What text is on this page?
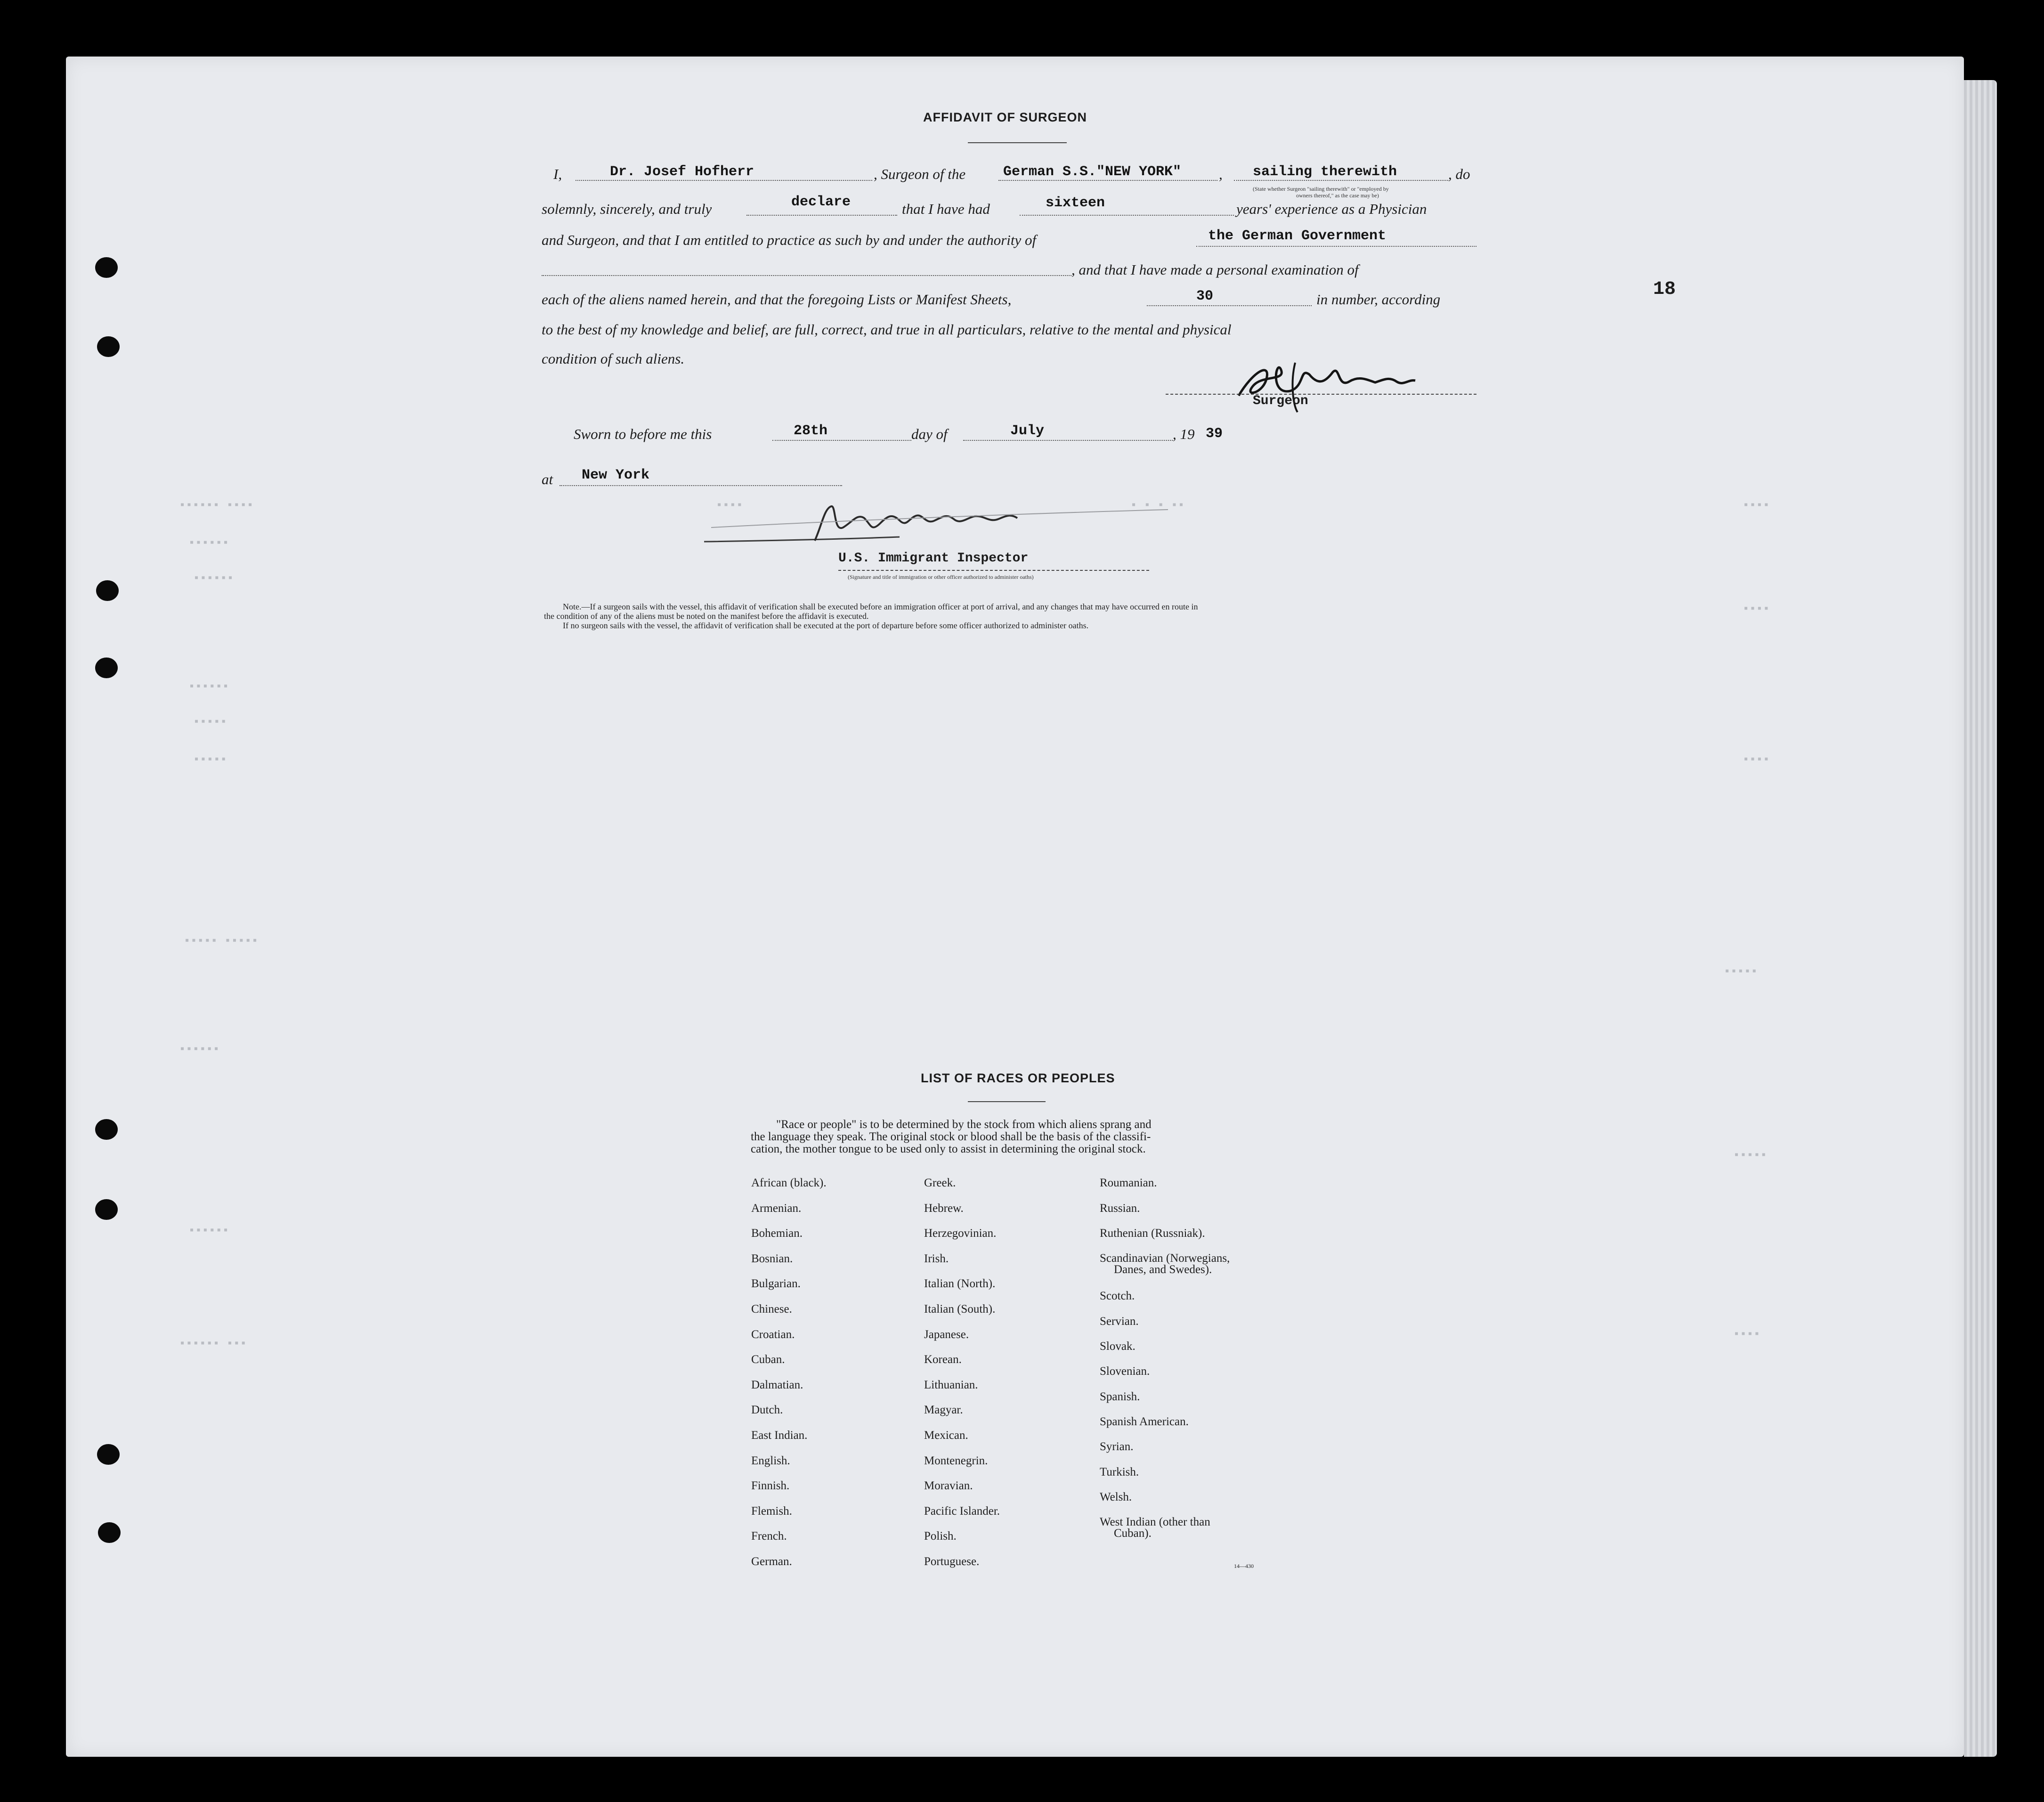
▪▪▪▪▪▪ ▪▪▪▪
▪▪▪▪▪▪
▪▪▪▪▪▪
▪▪▪▪▪▪
▪▪▪▪▪
▪▪▪▪▪
▪▪▪▪▪ ▪▪▪▪▪
▪▪▪▪▪▪
▪▪▪▪▪▪
▪▪▪▪▪▪ ▪▪▪
▪▪▪▪
▪▪▪▪
▪▪▪▪
▪▪▪▪▪
▪▪▪▪▪
▪▪▪▪
▪▪▪▪	▪ ▪ ▪ ▪▪
18
AFFIDAVIT OF SURGEON
I,	Dr. Josef Hofherr	, Surgeon of the	German S.S."NEW YORK"	, sailing therewith	, do
(State whether Surgeon "sailing therewith" or "employed by
owners thereof," as the case may be)
solemnly, sincerely, and truly	declare	that I have had	sixteen	years' experience as a Physician
and Surgeon, and that I am entitled to practice as such by and under the authority of	the German Government
, and that I have made a personal examination of
each of the aliens named herein, and that the foregoing Lists or Manifest Sheets,	30	in number, according
to the best of my knowledge and belief, are full, correct, and true in all particulars, relative to the mental and physical
condition of such aliens.
Surgeon
Sworn to before me this	28th	day of	July	, 19 39
at New York
U.S. Immigrant Inspector
(Signature and title of immigration or other officer authorized to administer oaths)
Note.—If a surgeon sails with the vessel, this affidavit of verification shall be executed before an immigration officer at port of arrival, and any changes that may have occurred en route in
the condition of any of the aliens must be noted on the manifest before the affidavit is executed.
If no surgeon sails with the vessel, the affidavit of verification shall be executed at the port of departure before some officer authorized to administer oaths.
LIST OF RACES OR PEOPLES
"Race or people" is to be determined by the stock from which aliens sprang and
the language they speak. The original stock or blood shall be the basis of the classifi-
cation, the mother tongue to be used only to assist in determining the original stock.
14—430
African (black).
Armenian.
Bohemian.
Bosnian.
Bulgarian.
Chinese.
Croatian.
Cuban.
Dalmatian.
Dutch.
East Indian.
English.
Finnish.
Flemish.
French.
German.
Greek.
Hebrew.
Herzegovinian.
Irish.
Italian (North).
Italian (South).
Japanese.
Korean.
Lithuanian.
Magyar.
Mexican.
Montenegrin.
Moravian.
Pacific Islander.
Polish.
Portuguese.
Roumanian.
Russian.
Ruthenian (Russniak).
Scandinavian (Norwegians,
Danes, and Swedes).
Scotch.
Servian.
Slovak.
Slovenian.
Spanish.
Spanish American.
Syrian.
Turkish.
Welsh.
West Indian (other than
Cuban).
